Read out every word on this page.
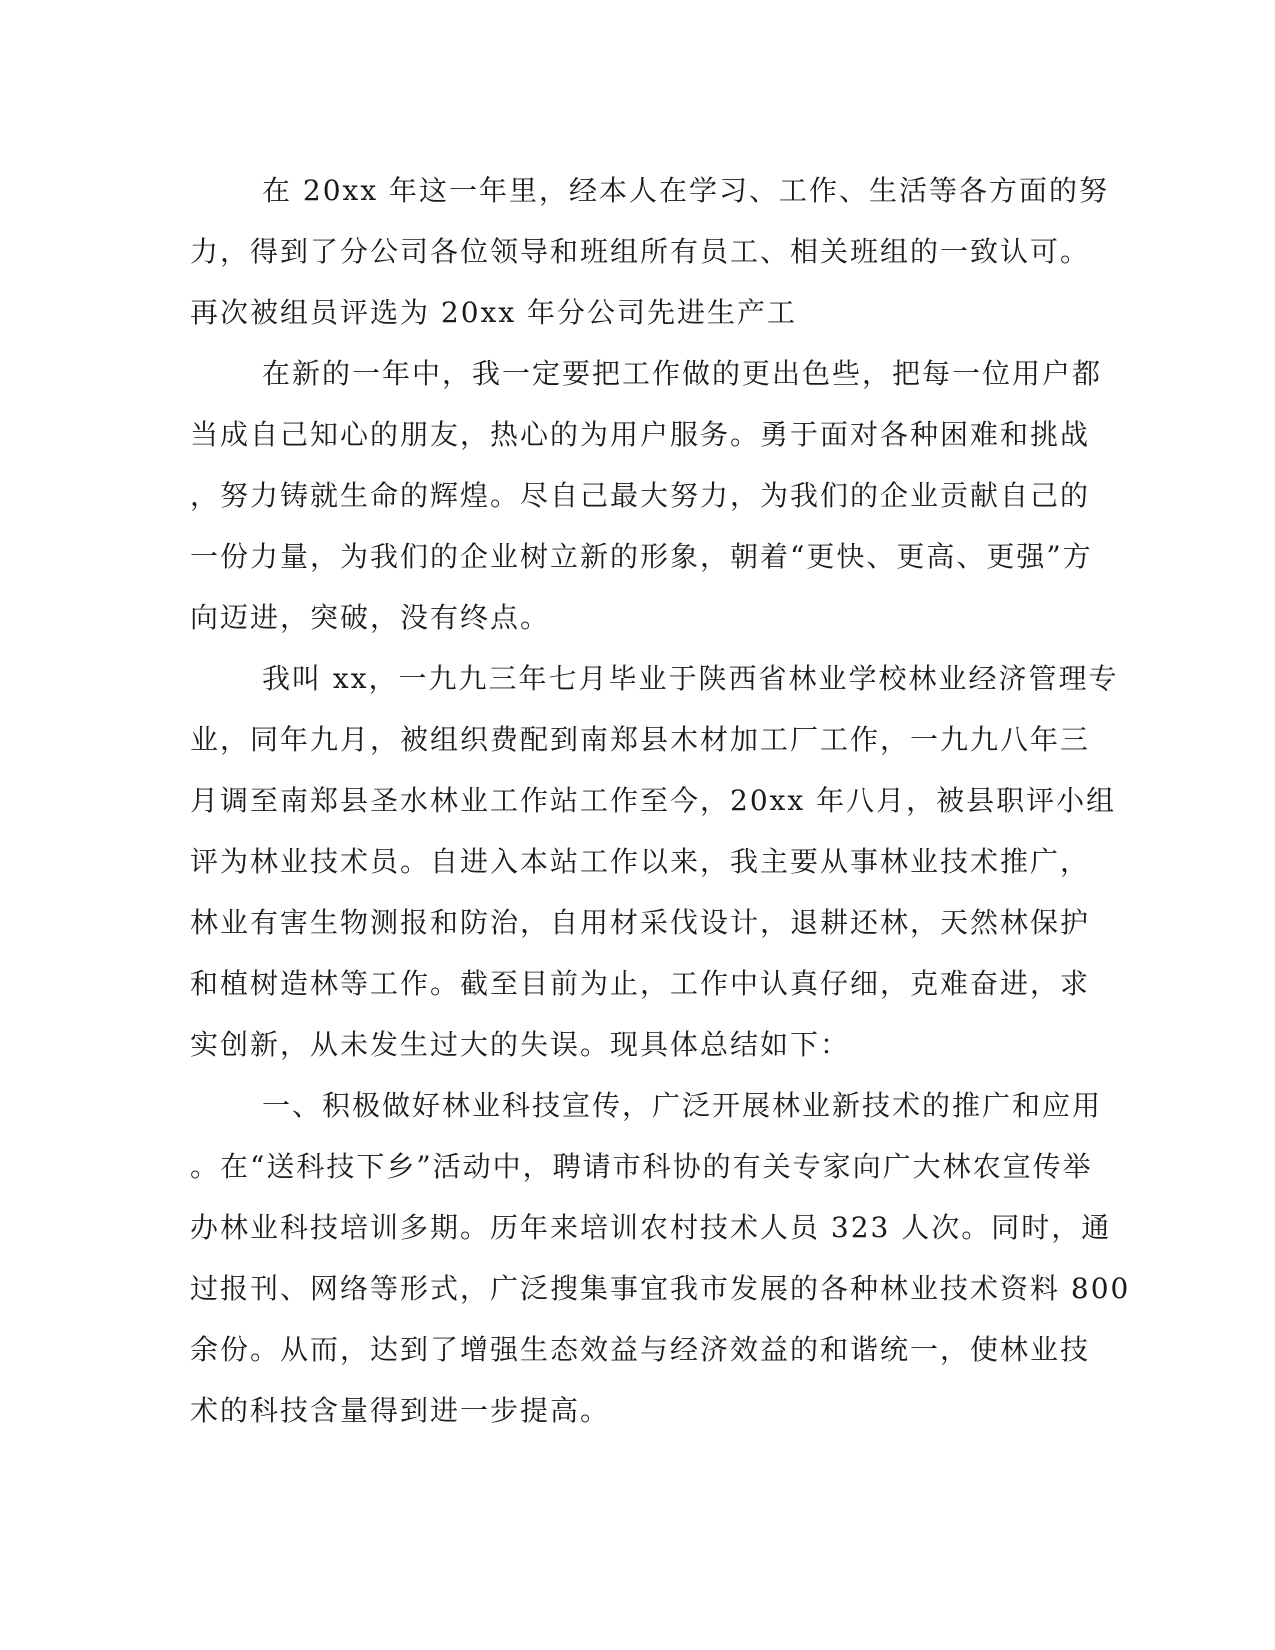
在 20xx 年这一年里，经本人在学习、工作、生活等各方面的努
力，得到了分公司各位领导和班组所有员工、相关班组的一致认可。
再次被组员评选为 20xx 年分公司先进生产工
在新的一年中，我一定要把工作做的更出色些，把每一位用户都
当成自己知心的朋友，热心的为用户服务。勇于面对各种困难和挑战
，努力铸就生命的辉煌。尽自己最大努力，为我们的企业贡献自己的
一份力量，为我们的企业树立新的形象，朝着“更快、更高、更强”方
向迈进，突破，没有终点。
我叫 xx，一九九三年七月毕业于陕西省林业学校林业经济管理专
业，同年九月，被组织费配到南郑县木材加工厂工作，一九九八年三
月调至南郑县圣水林业工作站工作至今，20xx 年八月，被县职评小组
评为林业技术员。自进入本站工作以来，我主要从事林业技术推广，
林业有害生物测报和防治，自用材采伐设计，退耕还林，天然林保护
和植树造林等工作。截至目前为止，工作中认真仔细，克难奋进，求
实创新，从未发生过大的失误。现具体总结如下：
一、积极做好林业科技宣传，广泛开展林业新技术的推广和应用
。在“送科技下乡”活动中，聘请市科协的有关专家向广大林农宣传举
办林业科技培训多期。历年来培训农村技术人员 323 人次。同时，通
过报刊、网络等形式，广泛搜集事宜我市发展的各种林业技术资料 800
余份。从而，达到了增强生态效益与经济效益的和谐统一，使林业技
术的科技含量得到进一步提高。
